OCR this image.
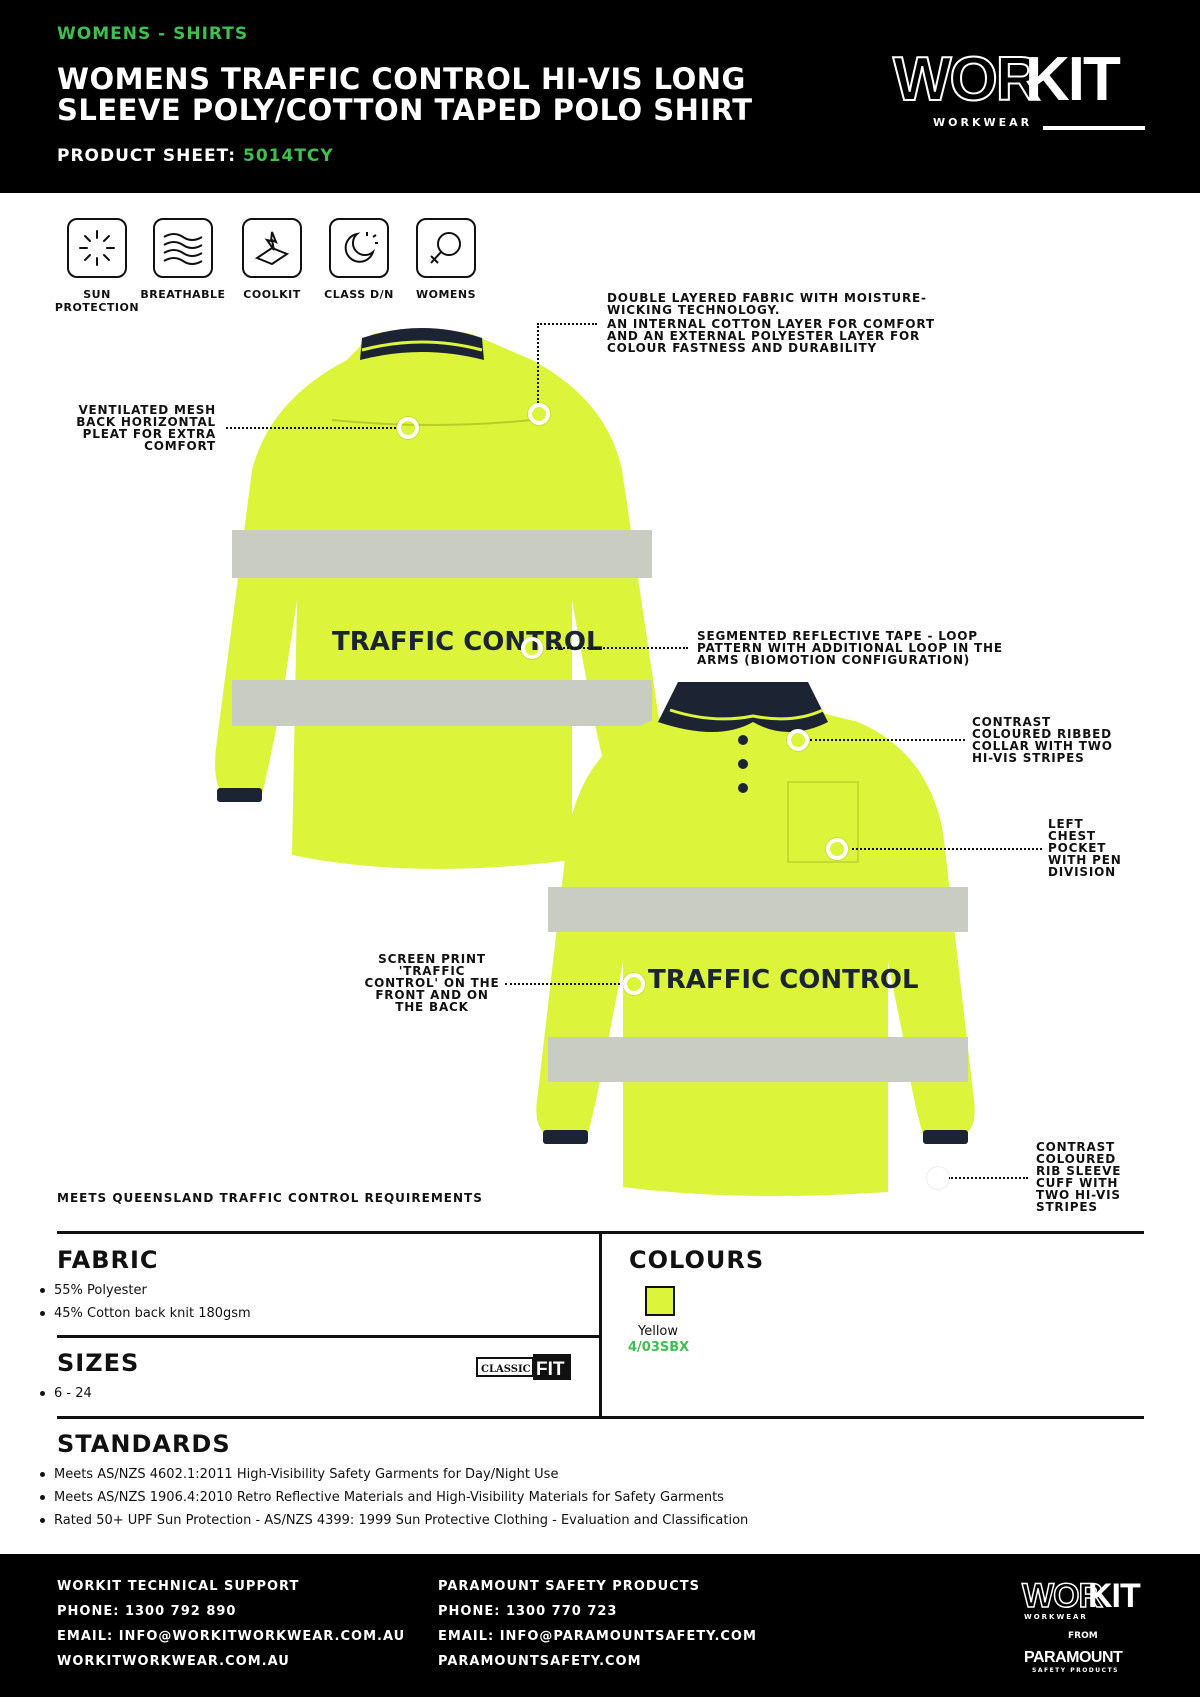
WOMENS - SHIRTS
WOMENS TRAFFIC CONTROL HI-VIS LONG
SLEEVE POLY/COTTON TAPED POLO SHIRT
PRODUCT SHEET: 5014TCY
WOR
KIT
WORKWEAR
SUN
PROTECTION
BREATHABLE	COOLKIT	CLASS D/N	WOMENS
TRAFFIC CONTROL
TRAFFIC CONTROL
DOUBLE LAYERED FABRIC WITH MOISTURE-WICKING TECHNOLOGY.
AN INTERNAL COTTON LAYER FOR COMFORT AND AN EXTERNAL POLYESTER LAYER FOR COLOUR FASTNESS AND DURABILITY
VENTILATED MESH BACK HORIZONTAL PLEAT FOR EXTRA COMFORT
SEGMENTED REFLECTIVE TAPE - LOOP PATTERN WITH ADDITIONAL LOOP IN THE ARMS (BIOMOTION CONFIGURATION)
CONTRAST COLOURED RIBBED COLLAR WITH TWO HI-VIS STRIPES
LEFT CHEST POCKET WITH PEN DIVISION
SCREEN PRINT 'TRAFFIC CONTROL' ON THE FRONT AND ON THE BACK
CONTRAST COLOURED RIB SLEEVE CUFF WITH TWO HI-VIS STRIPES
MEETS QUEENSLAND TRAFFIC CONTROL REQUIREMENTS
FABRIC
55% Polyester
45% Cotton back knit 180gsm
SIZES
6 - 24
CLASSIC FIT
COLOURS
Yellow
4/03SBX
STANDARDS
Meets AS/NZS 4602.1:2011 High-Visibility Safety Garments for Day/Night Use
Meets AS/NZS 1906.4:2010 Retro Reflective Materials and High-Visibility Materials for Safety Garments
Rated 50+ UPF Sun Protection - AS/NZS 4399: 1999 Sun Protective Clothing - Evaluation and Classification
WORKIT TECHNICAL SUPPORT
PHONE: 1300 792 890
EMAIL: INFO@WORKITWORKWEAR.COM.AU
WORKITWORKWEAR.COM.AU
PARAMOUNT SAFETY PRODUCTS
PHONE: 1300 770 723
EMAIL: INFO@PARAMOUNTSAFETY.COM
PARAMOUNTSAFETY.COM
WOR
KIT
WORKWEAR
FROM
PARAMOUNT
SAFETY PRODUCTS
